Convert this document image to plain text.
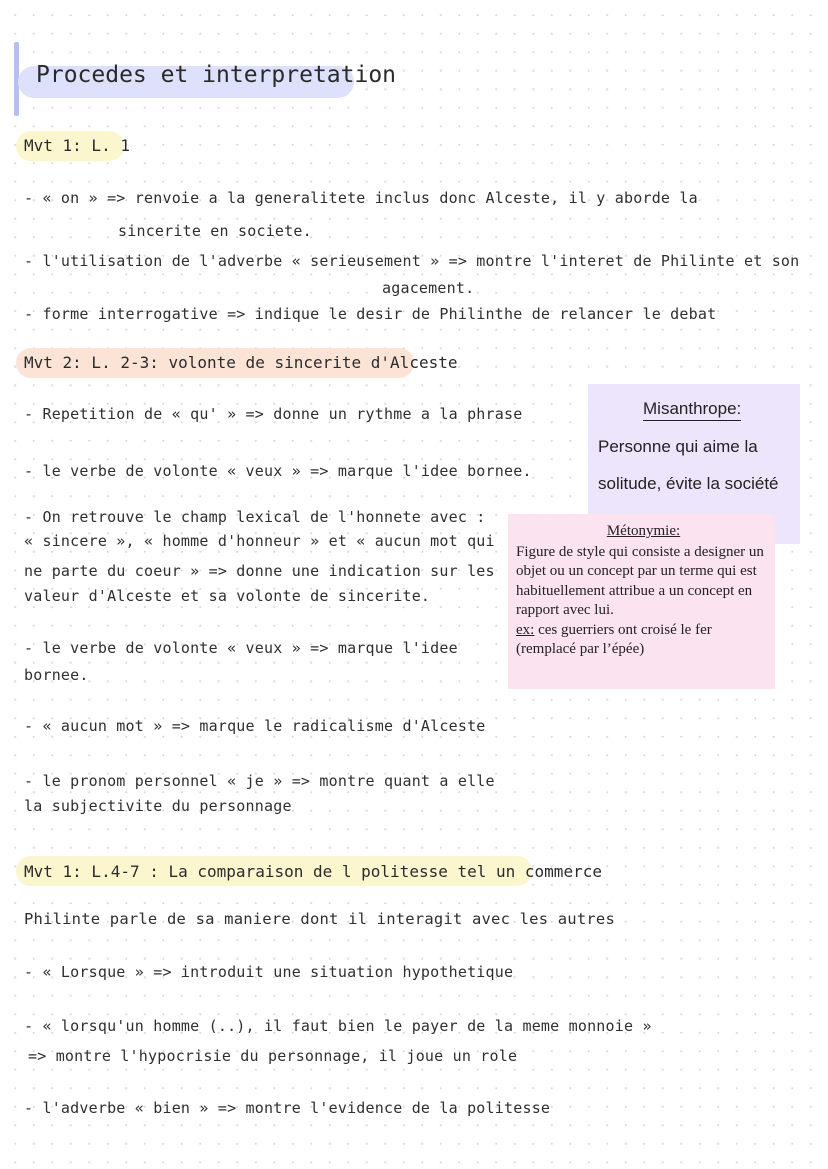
Procedes et interpretation
Mvt 1: L. 1
- « on » => renvoie a la generalitete inclus donc Alceste, il y aborde la
sincerite en societe.
- l'utilisation de l'adverbe « serieusement » => montre l'interet de Philinte et son
agacement.
- forme interrogative => indique le desir de Philinthe de relancer le debat
Mvt 2: L. 2-3: volonte de sincerite d'Alceste
- Repetition de « qu' » => donne un rythme a la phrase
- le verbe de volonte « veux » => marque l'idee bornee.
- On retrouve le champ lexical de l'honnete avec :
« sincere », « homme d'honneur » et « aucun mot qui
ne parte du coeur » => donne une indication sur les
valeur d'Alceste et sa volonte de sincerite.
- le verbe de volonte « veux » => marque l'idee
bornee.
- « aucun mot » => marque le radicalisme d'Alceste
- le pronom personnel « je » => montre quant a elle
la subjectivite du personnage
Misanthrope:
Personne qui aime la
solitude, évite la société
Métonymie:
Figure de style qui consiste a designer un objet ou un concept par un terme qui est habituellement attribue a un concept en rapport avec lui.
ex: ces guerriers ont croisé le fer (remplacé par l’épée)
Mvt 1: L.4-7 : La comparaison de l politesse tel un commerce
Philinte parle de sa maniere dont il interagit avec les autres
- « Lorsque » => introduit une situation hypothetique
- « lorsqu'un homme (..), il faut bien le payer de la meme monnoie »
=> montre l'hypocrisie du personnage, il joue un role
- l'adverbe « bien » => montre l'evidence de la politesse
